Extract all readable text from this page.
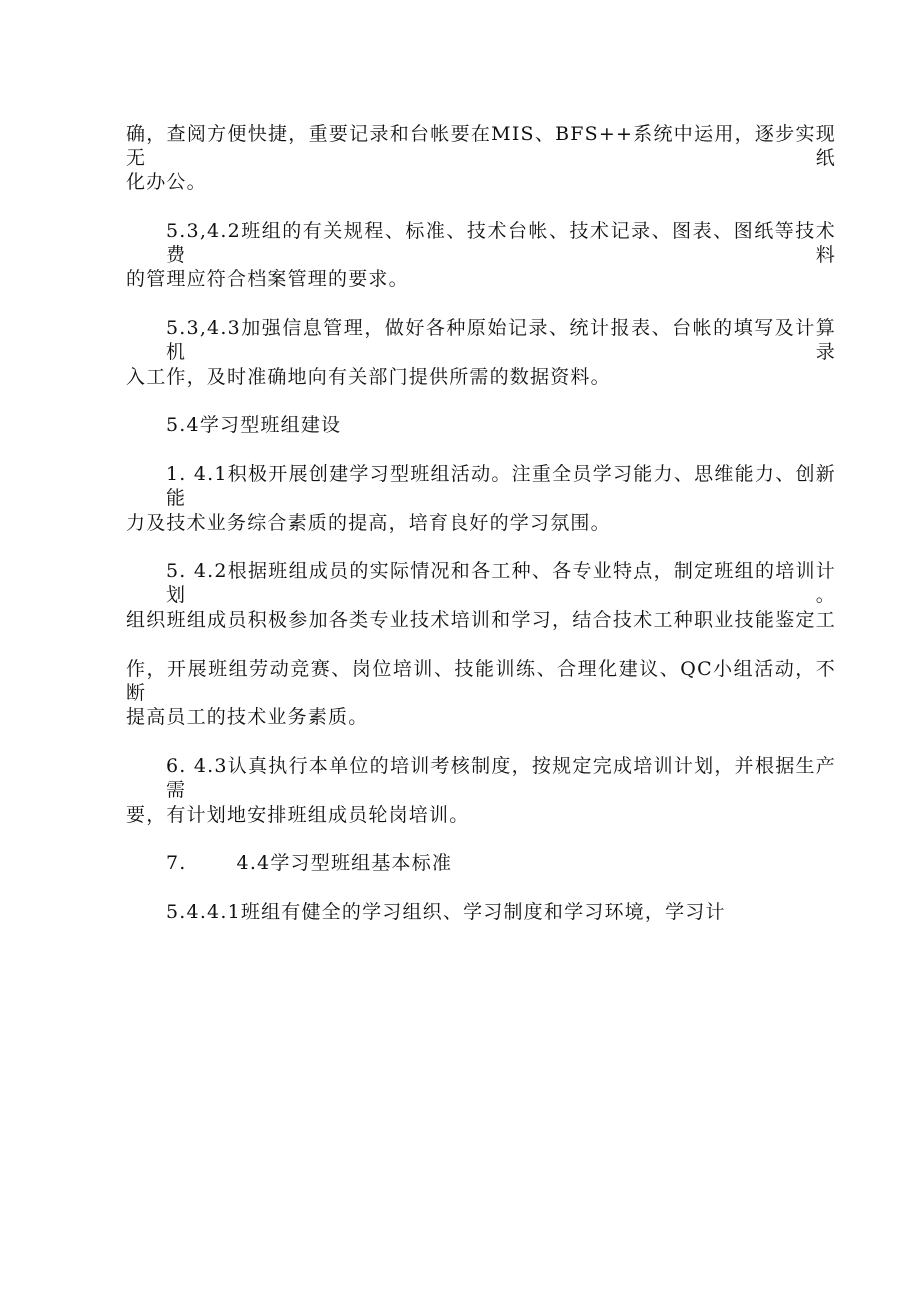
确，查阅方便快捷，重要记录和台帐要在MIS、BFS++系统中运用，逐步实现无纸
化办公。
5.3,4.2班组的有关规程、标准、技术台帐、技术记录、图表、图纸等技术费料
的管理应符合档案管理的要求。
5.3,4.3加强信息管理，做好各种原始记录、统计报表、台帐的填写及计算机录
入工作，及时准确地向有关部门提供所需的数据资料。
5.4学习型班组建设
1. 4.1积极开展创建学习型班组活动。注重全员学习能力、思维能力、创新能
力及技术业务综合素质的提高，培育良好的学习氛围。
5. 4.2根据班组成员的实际情况和各工种、各专业特点，制定班组的培训计划。
组织班组成员积极参加各类专业技术培训和学习，结合技术工种职业技能鉴定工
作，开展班组劳动竞赛、岗位培训、技能训练、合理化建议、QC小组活动，不断
提高员工的技术业务素质。
6. 4.3认真执行本单位的培训考核制度，按规定完成培训计划，并根据生产需
要，有计划地安排班组成员轮岗培训。
7.	4.4学习型班组基本标准
5.4.4.1班组有健全的学习组织、学习制度和学习环境，学习计
